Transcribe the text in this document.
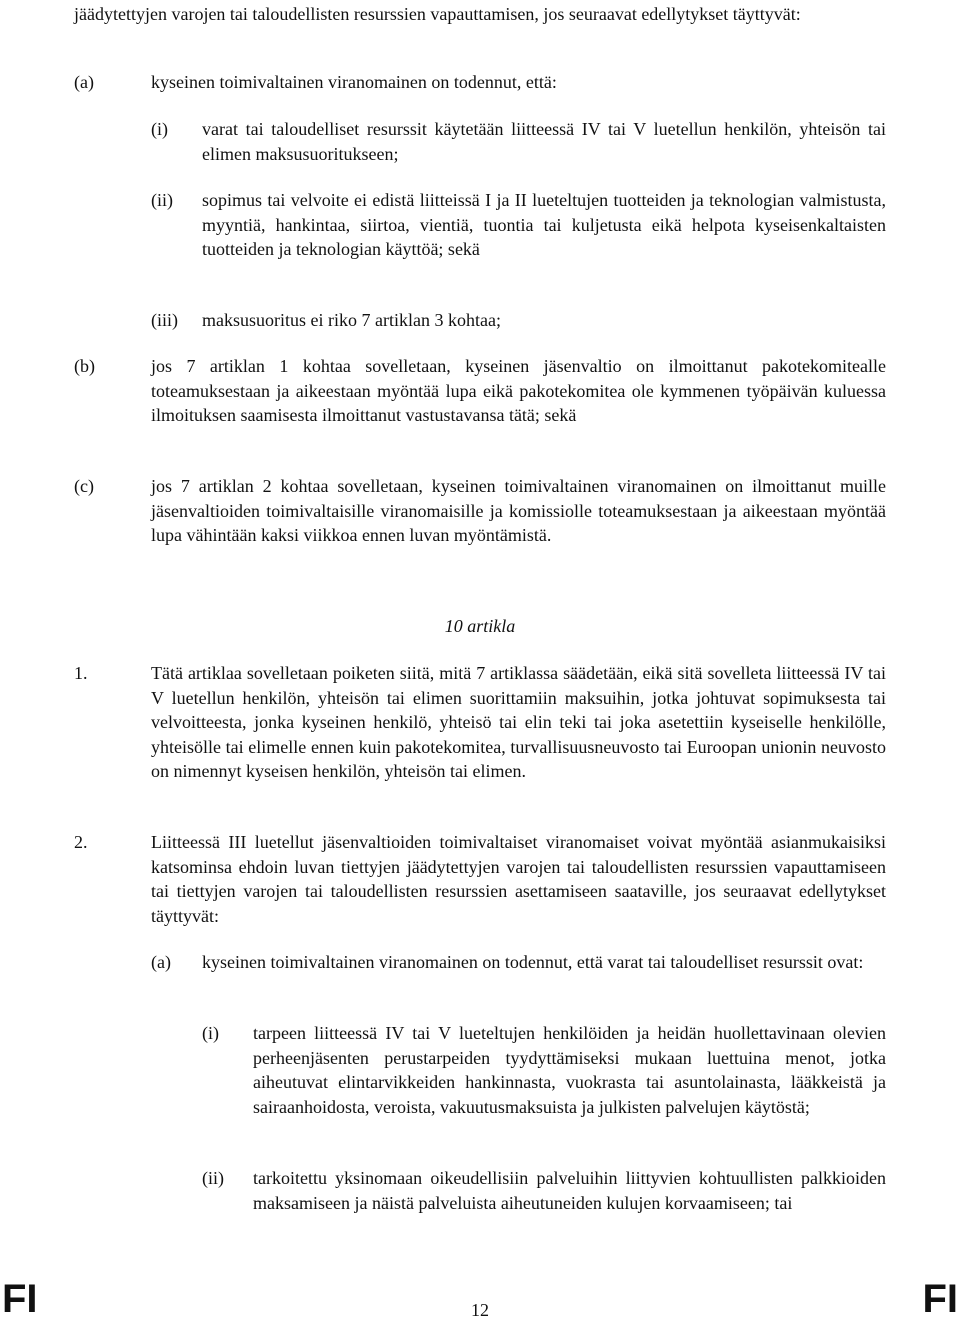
jäädytettyjen varojen tai taloudellisten resurssien vapauttamisen, jos seuraavat edellytykset täyttyvät:

(a)	kyseinen toimivaltainen viranomainen on todennut, että:

(i) varat tai taloudelliset resurssit käytetään liitteessä IV tai V luetellun henkilön, yhteisön tai elimen maksusuoritukseen;

(ii) sopimus tai velvoite ei edistä liitteissä I ja II lueteltujen tuotteiden ja teknologian valmistusta, myyntiä, hankintaa, siirtoa, vientiä, tuontia tai kuljetusta eikä helpota kyseisenkaltaisten tuotteiden ja teknologian käyttöä; sekä

(iii) maksusuoritus ei riko 7 artiklan 3 kohtaa;

(b)	jos 7 artiklan 1 kohtaa sovelletaan, kyseinen jäsenvaltio on ilmoittanut pakotekomitealle toteamuksestaan ja aikeestaan myöntää lupa eikä pakotekomitea ole kymmenen työpäivän kuluessa ilmoituksen saamisesta ilmoittanut vastustavansa tätä; sekä

(c)	jos 7 artiklan 2 kohtaa sovelletaan, kyseinen toimivaltainen viranomainen on ilmoittanut muille jäsenvaltioiden toimivaltaisille viranomaisille ja komissiolle toteamuksestaan ja aikeestaan myöntää lupa vähintään kaksi viikkoa ennen luvan myöntämistä.

10 artikla
1.	Tätä artiklaa sovelletaan poiketen siitä, mitä 7 artiklassa säädetään, eikä sitä sovelleta liitteessä IV tai V luetellun henkilön, yhteisön tai elimen suorittamiin maksuihin, jotka johtuvat sopimuksesta tai velvoitteesta, jonka kyseinen henkilö, yhteisö tai elin teki tai joka asetettiin kyseiselle henkilölle, yhteisölle tai elimelle ennen kuin pakotekomitea, turvallisuusneuvosto tai Euroopan unionin neuvosto on nimennyt kyseisen henkilön, yhteisön tai elimen.

2.	Liitteessä III luetellut jäsenvaltioiden toimivaltaiset viranomaiset voivat myöntää asianmukaisiksi katsominsa ehdoin luvan tiettyjen jäädytettyjen varojen tai taloudellisten resurssien vapauttamiseen tai tiettyjen varojen tai taloudellisten resurssien asettamiseen saataville, jos seuraavat edellytykset täyttyvät:

(a) kyseinen toimivaltainen viranomainen on todennut, että varat tai taloudelliset resurssit ovat:

(i) tarpeen liitteessä IV tai V lueteltujen henkilöiden ja heidän huollettavinaan olevien perheenjäsenten perustarpeiden tyydyttämiseksi mukaan luettuina menot, jotka aiheutuvat elintarvikkeiden hankinnasta, vuokrasta tai asuntolainasta, lääkkeistä ja sairaanhoidosta, veroista, vakuutusmaksuista ja julkisten palvelujen käytöstä;

(ii) tarkoitettu yksinomaan oikeudellisiin palveluihin liittyvien kohtuullisten palkkioiden maksamiseen ja näistä palveluista aiheutuneiden kulujen korvaamiseen; tai

FI	12	FI
